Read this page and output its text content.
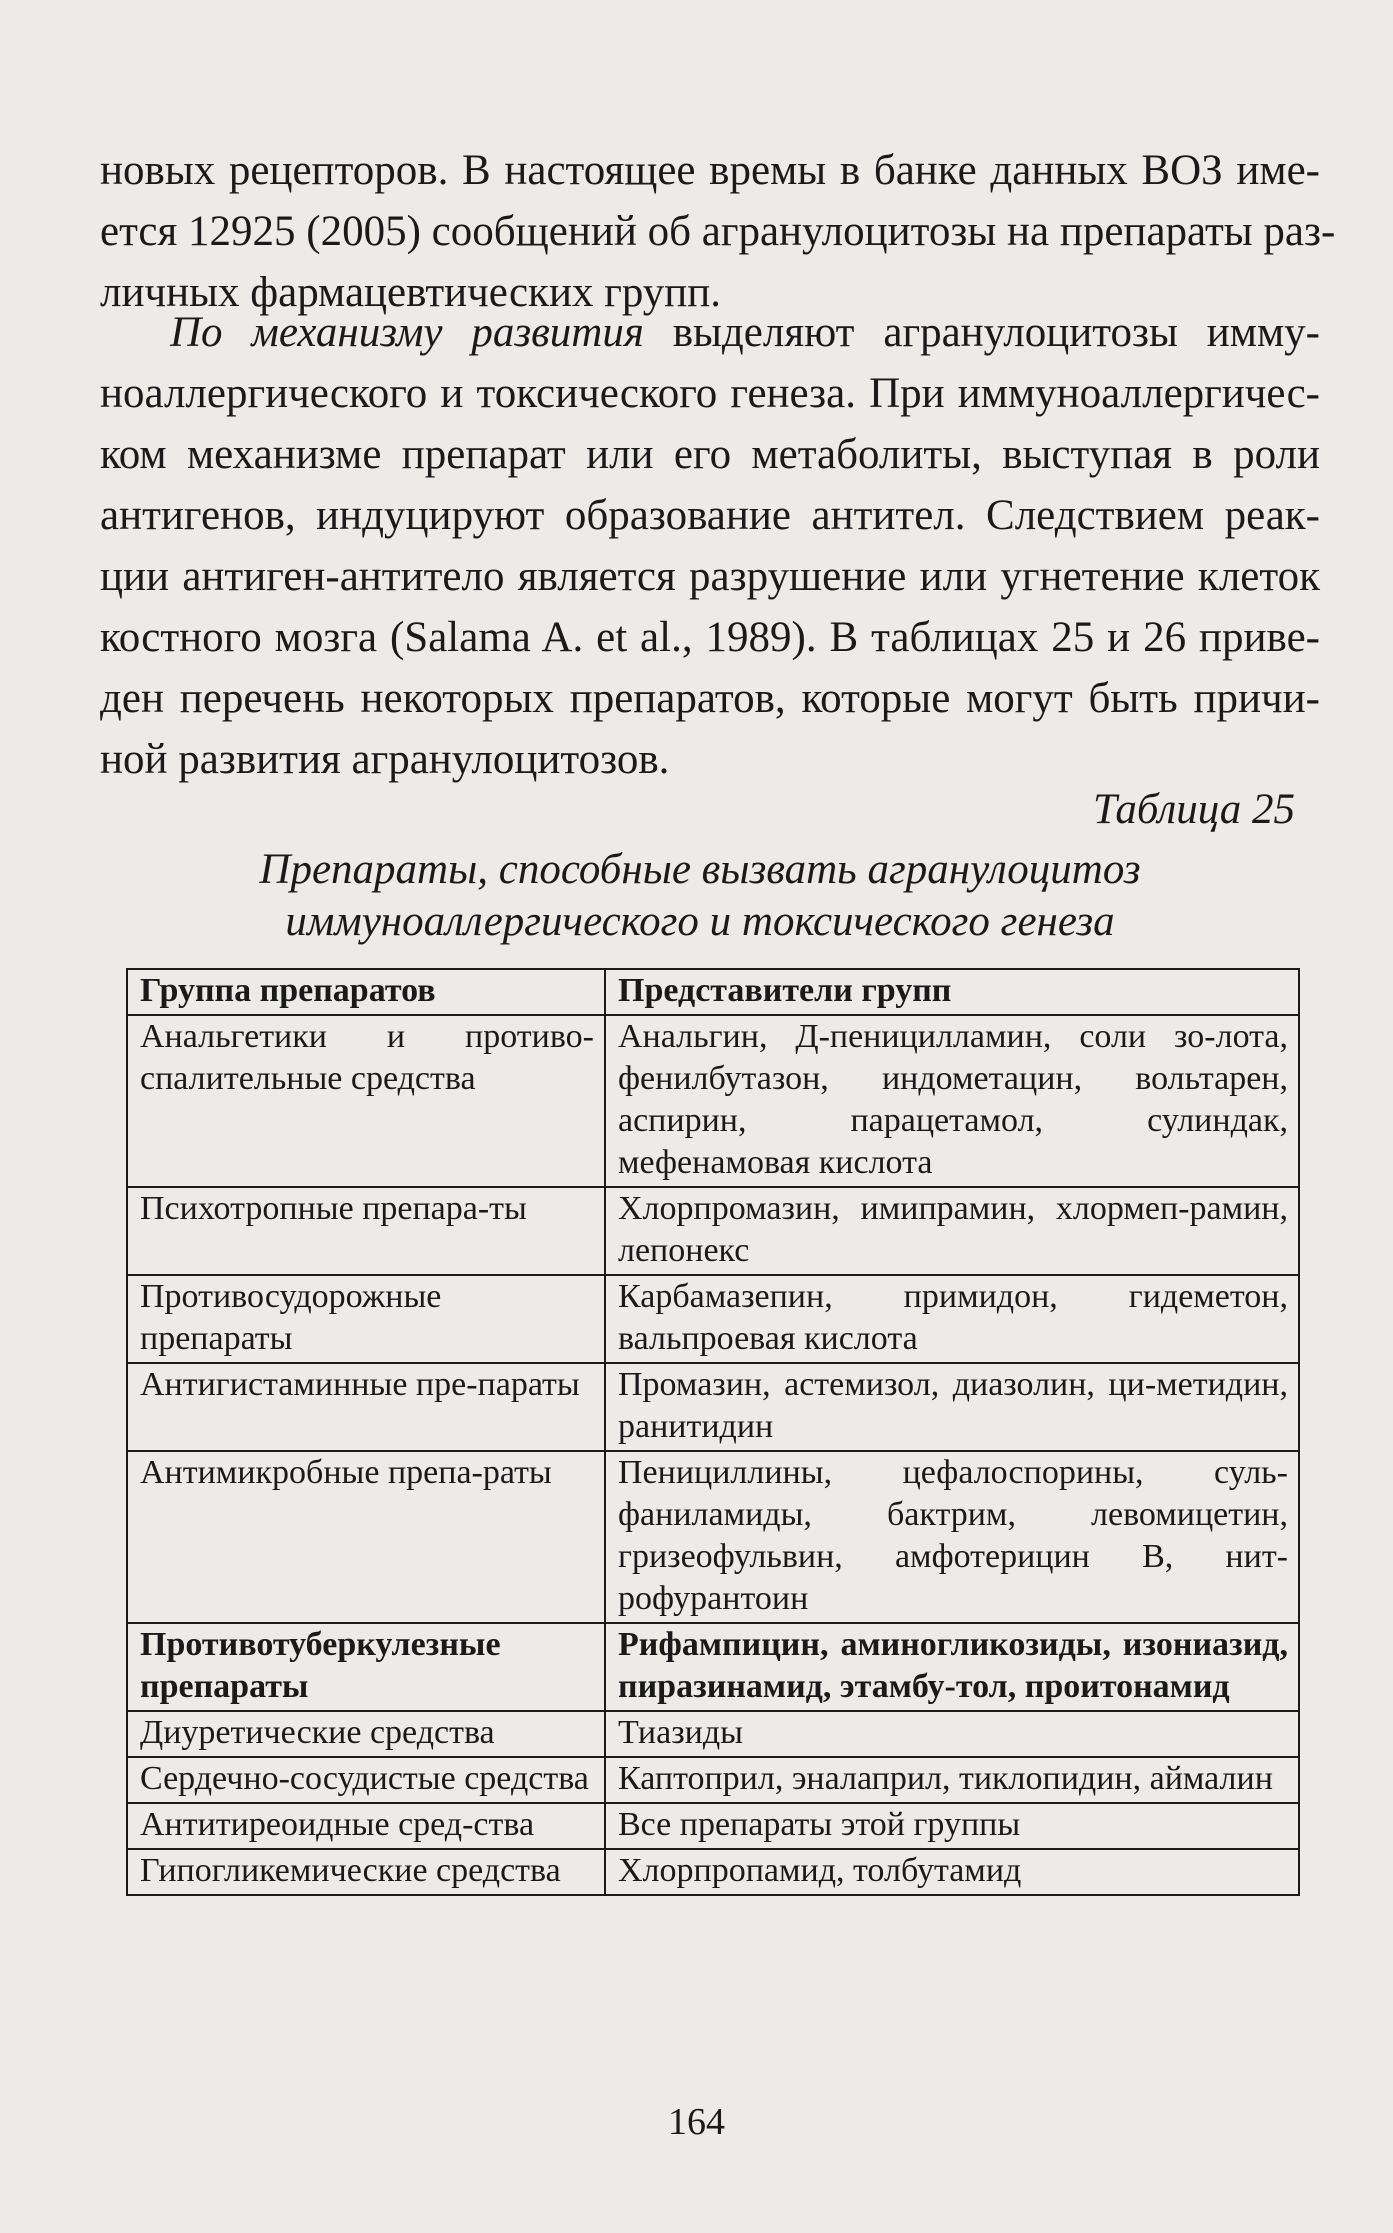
новых рецепторов. В настоящее времы в банке данных ВОЗ име-
ется 12925 (2005) сообщений об агранулоцитозы на препараты раз-
личных фармацевтических групп.

По механизму развития выделяют агранулоцитозы имму-
ноаллергического и токсического генеза. При иммуноаллергичес-
ком механизме препарат или его метаболиты, выступая в роли
антигенов, индуцируют образование антител. Следствием реак-
ции антиген-антитело является разрушение или угнетение клеток
костного мозга (Salama A. et al., 1989). В таблицах 25 и 26 приве-
ден перечень некоторых препаратов, которые могут быть причи-
ной развития агранулоцитозов.

Таблица 25
Препараты, способные вызвать агранулоцитоз
иммуноаллергического и токсического генеза
Группа препаратов	Представители групп
Анальгетики и противо-спалительные средства	Анальгин, Д-пеницилламин, соли зо-лота, фенилбутазон, индометацин, вольтарен, аспирин, парацетамол, сулиндак, мефенамовая кислота
Психотропные препара-ты	Хлорпромазин, имипрамин, хлормеп-рамин, лепонекс
Противосудорожные препараты	Карбамазепин, примидон, гидеметон, вальпроевая кислота
Антигистаминные пре-параты	Промазин, астемизол, диазолин, ци-метидин, ранитидин
Антимикробные препа-раты	Пенициллины, цефалоспорины, суль-фаниламиды, бактрим, левомицетин, гризеофульвин, амфотерицин В, нит-рофурантоин
Противотуберкулезные препараты	Рифампицин, аминогликозиды, изониазид, пиразинамид, этамбу-тол, проитонамид
Диуретические средства	Тиазиды
Сердечно-сосудистые средства	Каптоприл, эналаприл, тиклопидин, аймалин
Антитиреоидные сред-ства	Все препараты этой группы
Гипогликемические средства	Хлорпропамид, толбутамид
164
